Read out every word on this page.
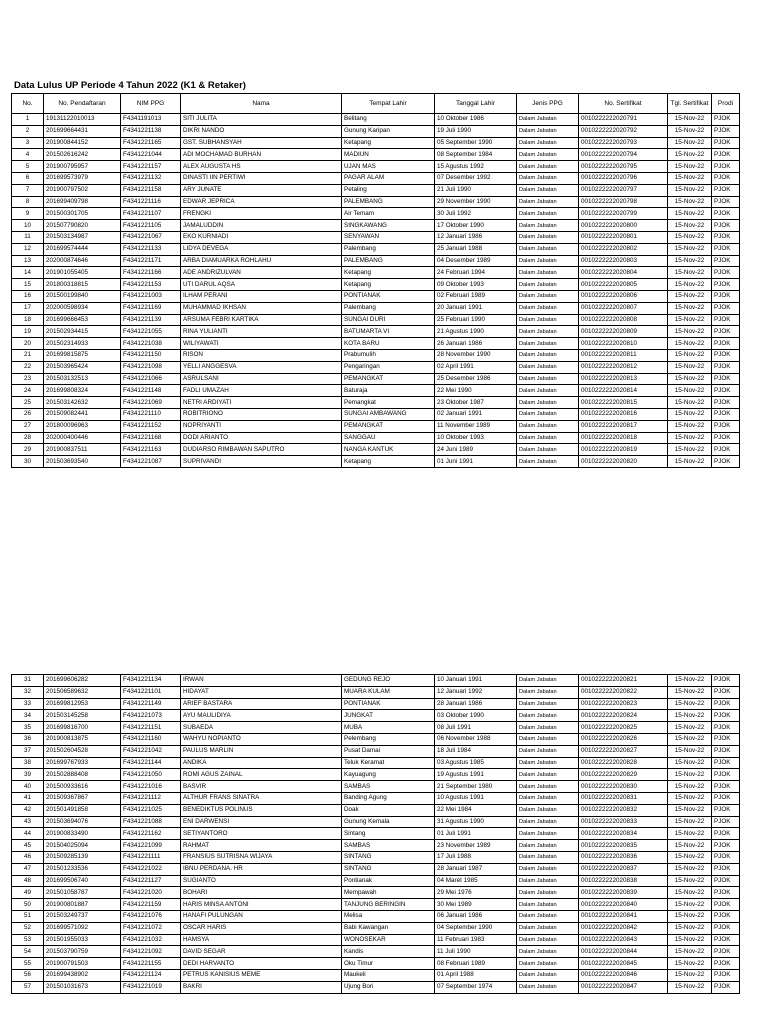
Data Lulus UP Periode 4 Tahun 2022 (K1 & Retaker)
No.	No. Pendaftaran	NIM PPG	Nama	Tempat Lahir	Tanggal Lahir	Jenis PPG	No. Sertifikat	Tgl. Sertifikat	Prodi
1	19131122010013	F4341191013	SITI JULITA	Belitang	10 Oktober 1986	Dalam Jabatan	0010222222020791	15-Nov-22	PJOK
2	201699664431	F4341221138	DIKRI NANDO	Gunung Karipan	19 Juli 1990	Dalam Jabatan	0010222222020792	15-Nov-22	PJOK
3	201900844152	F4341221165	GST. SUBHANSYAH	Ketapang	05 September 1990	Dalam Jabatan	0010222222020793	15-Nov-22	PJOK
4	201502616242	F4341221044	ADI MOCHAMAD BURHAN	MADIUN	08 September 1984	Dalam Jabatan	0010222222020794	15-Nov-22	PJOK
5	201900795957	F4341221157	ALEX AUGUSTA HS	UJAN MAS	15 Agustus 1992	Dalam Jabatan	0010222222020795	15-Nov-22	PJOK
6	201699573979	F4341221132	DINASTI IIN PERTIWI	PAGAR ALAM	07 Desember 1992	Dalam Jabatan	0010222222020796	15-Nov-22	PJOK
7	201900797502	F4341221158	ARY JUNATE	Petaling	21 Juli 1990	Dalam Jabatan	0010222222020797	15-Nov-22	PJOK
8	201699409798	F4341221116	EDWAR JEPRICA	PALEMBANG	29 November 1990	Dalam Jabatan	0010222222020798	15-Nov-22	PJOK
9	201500301705	F4341221107	FRENGKI	Air Temam	30 Juli 1992	Dalam Jabatan	0010222222020799	15-Nov-22	PJOK
10	201507790820	F4341221105	JAMALUDDIN	SINGKAWANG	17 Oktober 1990	Dalam Jabatan	0010222222020800	15-Nov-22	PJOK
11	201503134987	F4341221067	EKO KURNIADI	SENYAWAN	12 Januari 1986	Dalam Jabatan	0010222222020801	15-Nov-22	PJOK
12	201699574444	F4341221133	LIDYA DEVEGA	Palembang	25 Januari 1988	Dalam Jabatan	0010222222020802	15-Nov-22	PJOK
13	202000874646	F4341221171	ARBA DIAMUARKA ROHLAHU	PALEMBANG	04 Desember 1989	Dalam Jabatan	0010222222020803	15-Nov-22	PJOK
14	201901055405	F4341221166	ADE ANDRIZULVAN	Ketapang	24 Februari 1994	Dalam Jabatan	0010222222020804	15-Nov-22	PJOK
15	201800318815	F4341221153	UTI DARUL AQSA	Ketapang	09 Oktober 1993	Dalam Jabatan	0010222222020805	15-Nov-22	PJOK
16	201500199840	F4341221003	ILHAM PERANI	PONTIANAK	02 Februari 1989	Dalam Jabatan	0010222222020806	15-Nov-22	PJOK
17	202000598934	F4341221169	MUHAMMAD IKHSAN	Palembang	20 Januari 1991	Dalam Jabatan	0010222222020807	15-Nov-22	PJOK
18	201699666453	F4341221139	ARSUMA FEBRI KARTIKA	SUNGAI DURI	25 Februari 1990	Dalam Jabatan	0010222222020808	15-Nov-22	PJOK
19	201502934415	F4341221055	RINA YULIANTI	BATUMARTA VI	21 Agustus 1990	Dalam Jabatan	0010222222020809	15-Nov-22	PJOK
20	201502314933	F4341221038	WILIYAWATI	KOTA BARU	26 Januari 1986	Dalam Jabatan	0010222222020810	15-Nov-22	PJOK
21	201699815875	F4341221150	RISON	Prabumulih	28 November 1990	Dalam Jabatan	0010222222020811	15-Nov-22	PJOK
22	201503965424	F4341221098	YELLI ANGGESVA	Pengaringan	02 April 1991	Dalam Jabatan	0010222222020812	15-Nov-22	PJOK
23	201503132513	F4341221066	ASRULSANI	PEMANGKAT	25 Desember 1986	Dalam Jabatan	0010222222020813	15-Nov-22	PJOK
24	201699808324	F4341221148	FADLI UMAZAH	Baturaja	22 Mei 1990	Dalam Jabatan	0010222222020814	15-Nov-22	PJOK
25	201503142632	F4341221069	NETRI ARDIYATI	Pemangkat	23 Oktober 1987	Dalam Jabatan	0010222222020815	15-Nov-22	PJOK
26	201509082441	F4341221110	ROBITRIONO	SUNGAI AMBAWANG	02 Januari 1991	Dalam Jabatan	0010222222020816	15-Nov-22	PJOK
27	201800096963	F4341221152	NOPRIYANTI	PEMANGKAT	11 November 1989	Dalam Jabatan	0010222222020817	15-Nov-22	PJOK
28	202000400446	F4341221168	DODI ARIANTO	SANGGAU	10 Oktober 1993	Dalam Jabatan	0010222222020818	15-Nov-22	PJOK
29	201900837511	F4341221163	DUDIARSO RIMBAWAN SAPUTRO	NANGA KANTUK	24 Juni 1989	Dalam Jabatan	0010222222020819	15-Nov-22	PJOK
30	201503693540	F4341221087	SUPRIVANDI	Ketapang	01 Juni 1991	Dalam Jabatan	0010222222020820	15-Nov-22	PJOK
31	201699606282	F4341221134	IRWAN	GEDUNG REJO	10 Januari 1991	Dalam Jabatan	0010222222020821	15-Nov-22	PJOK
32	201506589632	F4341221101	HIDAYAT	MUARA KULAM	12 Januari 1992	Dalam Jabatan	0010222222020822	15-Nov-22	PJOK
33	201699812953	F4341221149	ARIEF BASTARA	PONTIANAK	28 Januari 1986	Dalam Jabatan	0010222222020823	15-Nov-22	PJOK
34	201503145258	F4341221073	AYU MAULIDIYA	JUNGKAT	03 Oktober 1990	Dalam Jabatan	0010222222020824	15-Nov-22	PJOK
35	201699816700	F4341221151	SUBAEDA	MUBA	08 Juli 1991	Dalam Jabatan	0010222222020825	15-Nov-22	PJOK
36	201900813875	F4341221160	WAHYU NOPIANTO	Pelembang	06 November 1988	Dalam Jabatan	0010222222020826	15-Nov-22	PJOK
37	201502604528	F4341221042	PAULUS MARLIN	Pusat Damai	18 Juli 1984	Dalam Jabatan	0010222222020827	15-Nov-22	PJOK
38	201699767933	F4341221144	ANDIKA	Teluk Keramat	03 Agustus 1985	Dalam Jabatan	0010222222020828	15-Nov-22	PJOK
39	201502888408	F4341221050	ROMI AGUS ZAINAL	Kayuagung	19 Agustus 1991	Dalam Jabatan	0010222222020829	15-Nov-22	PJOK
40	201500933616	F4341221016	BASVIR	SAMBAS	21 September 1980	Dalam Jabatan	0010222222020830	15-Nov-22	PJOK
41	201509367867	F4341221112	ALTHUR FRANS SINATRA	Banding Agung	10 Agustus 1991	Dalam Jabatan	0010222222020831	15-Nov-22	PJOK
42	201501491858	F4341221025	BENEDIKTUS POLINUS	Doak	22 Mei 1984	Dalam Jabatan	0010222222020832	15-Nov-22	PJOK
43	201503694076	F4341221088	ENI DARWENSI	Gunung Kemala	31 Agustus 1990	Dalam Jabatan	0010222222020833	15-Nov-22	PJOK
44	201900833490	F4341221162	SETIYANTORO	Sintang	01 Juli 1991	Dalam Jabatan	0010222222020834	15-Nov-22	PJOK
45	201504025094	F4341221099	RAHMAT	SAMBAS	23 November 1989	Dalam Jabatan	0010222222020835	15-Nov-22	PJOK
46	201509285139	F4341221111	FRANSIUS SUTRISNA WIJAYA	SINTANG	17 Juli 1988	Dalam Jabatan	0010222222020836	15-Nov-22	PJOK
47	201501233536	F4341221022	IBNU PERDANA. HR	SINTANG	28 Januari 1987	Dalam Jabatan	0010222222020837	15-Nov-22	PJOK
48	201699506740	F4341221127	SUGIANTO	Pontianak	04 Maret 1985	Dalam Jabatan	0010222222020838	15-Nov-22	PJOK
49	201501058787	F4341221020	BOHARI	Mempawah	29 Mei 1976	Dalam Jabatan	0010222222020839	15-Nov-22	PJOK
50	201900801887	F4341221159	HARIS MINSA ANTONI	TANJUNG BERINGIN	30 Mei 1989	Dalam Jabatan	0010222222020840	15-Nov-22	PJOK
51	201503249737	F4341221076	HANAFI PULUNGAN	Melisa	06 Januari 1986	Dalam Jabatan	0010222222020841	15-Nov-22	PJOK
52	201699571092	F4341221072	OSCAR HARIS	Babi Kawangan	04 September 1990	Dalam Jabatan	0010222222020842	15-Nov-22	PJOK
53	201501955033	F4341221032	HAMSYA	WONOSEKAR	11 Februari 1983	Dalam Jabatan	0010222222020843	15-Nov-22	PJOK
54	201503790759	F4341221092	DAVID SEGAR	Kandis	11 Juli 1990	Dalam Jabatan	0010222222020844	15-Nov-22	PJOK
55	201900791503	F4341221155	DEDI HARVANTO	Oku Timur	08 Februari 1989	Dalam Jabatan	0010222222020845	15-Nov-22	PJOK
56	201699438902	F4341221124	PETRUS KANISIUS MEME	Maukeli	01 April 1988	Dalam Jabatan	0010222222020846	15-Nov-22	PJOK
57	201501031673	F4341221019	BAKRI	Ujung Bori	07 September 1974	Dalam Jabatan	0010222222020847	15-Nov-22	PJOK
